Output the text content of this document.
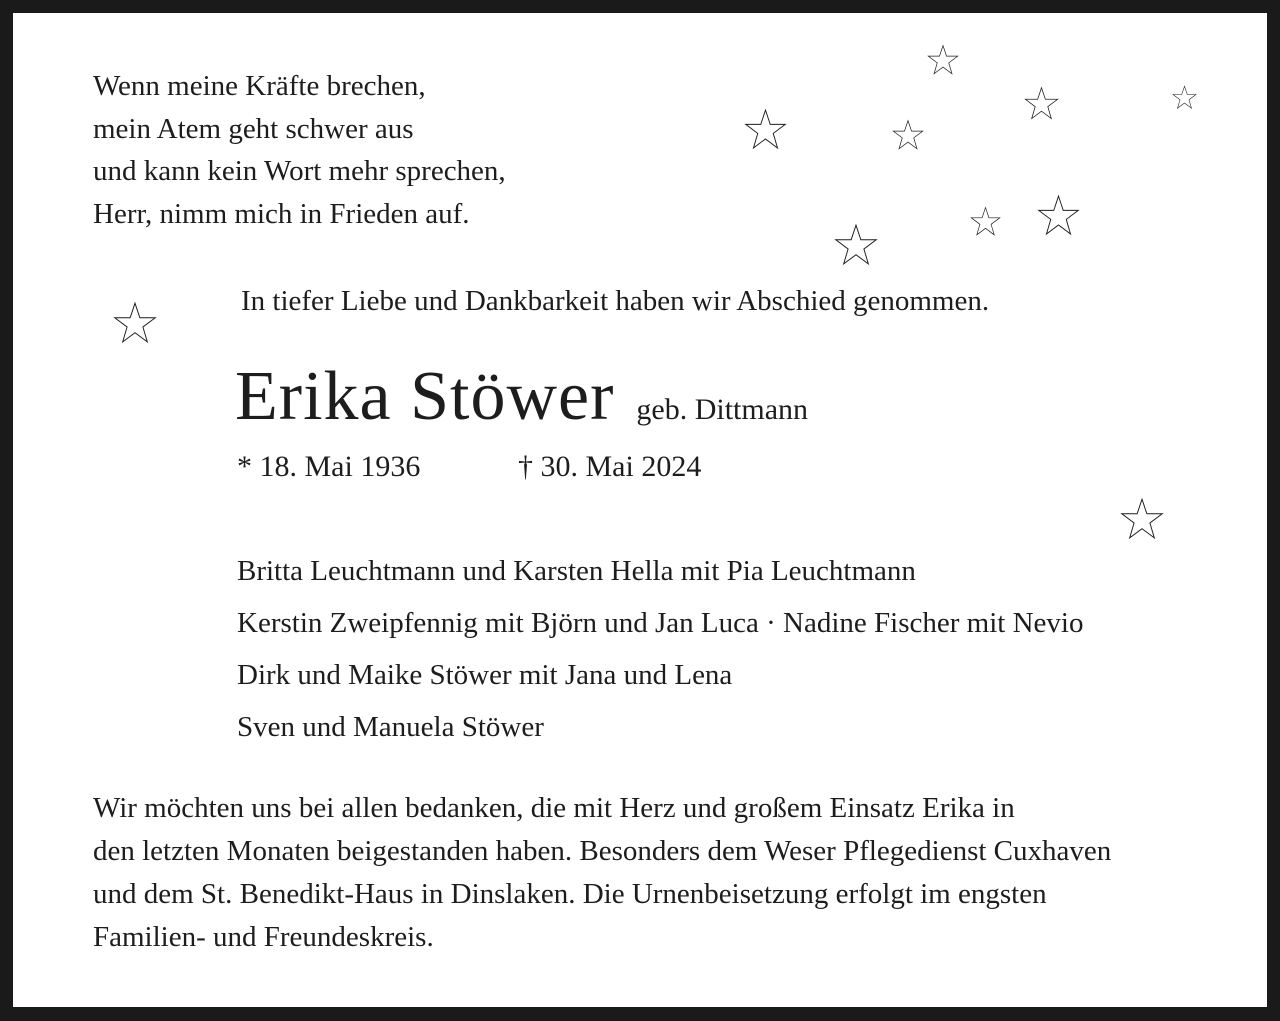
Wenn meine Kräfte brechen,
mein Atem geht schwer aus
und kann kein Wort mehr sprechen,
Herr, nimm mich in Frieden auf.
In tiefer Liebe und Dankbarkeit haben wir Abschied genommen.
Erika Stöwer geb. Dittmann
* 18. Mai 1936	† 30. Mai 2024
Britta Leuchtmann und Karsten Hella mit Pia Leuchtmann
Kerstin Zweipfennig mit Björn und Jan Luca · Nadine Fischer mit Nevio
Dirk und Maike Stöwer mit Jana und Lena
Sven und Manuela Stöwer
Wir möchten uns bei allen bedanken, die mit Herz und großem Einsatz Erika in
den letzten Monaten beigestanden haben. Besonders dem Weser Pflegedienst Cuxhaven
und dem St. Benedikt-Haus in Dinslaken. Die Urnenbeisetzung erfolgt im engsten
Familien- und Freundeskreis.
